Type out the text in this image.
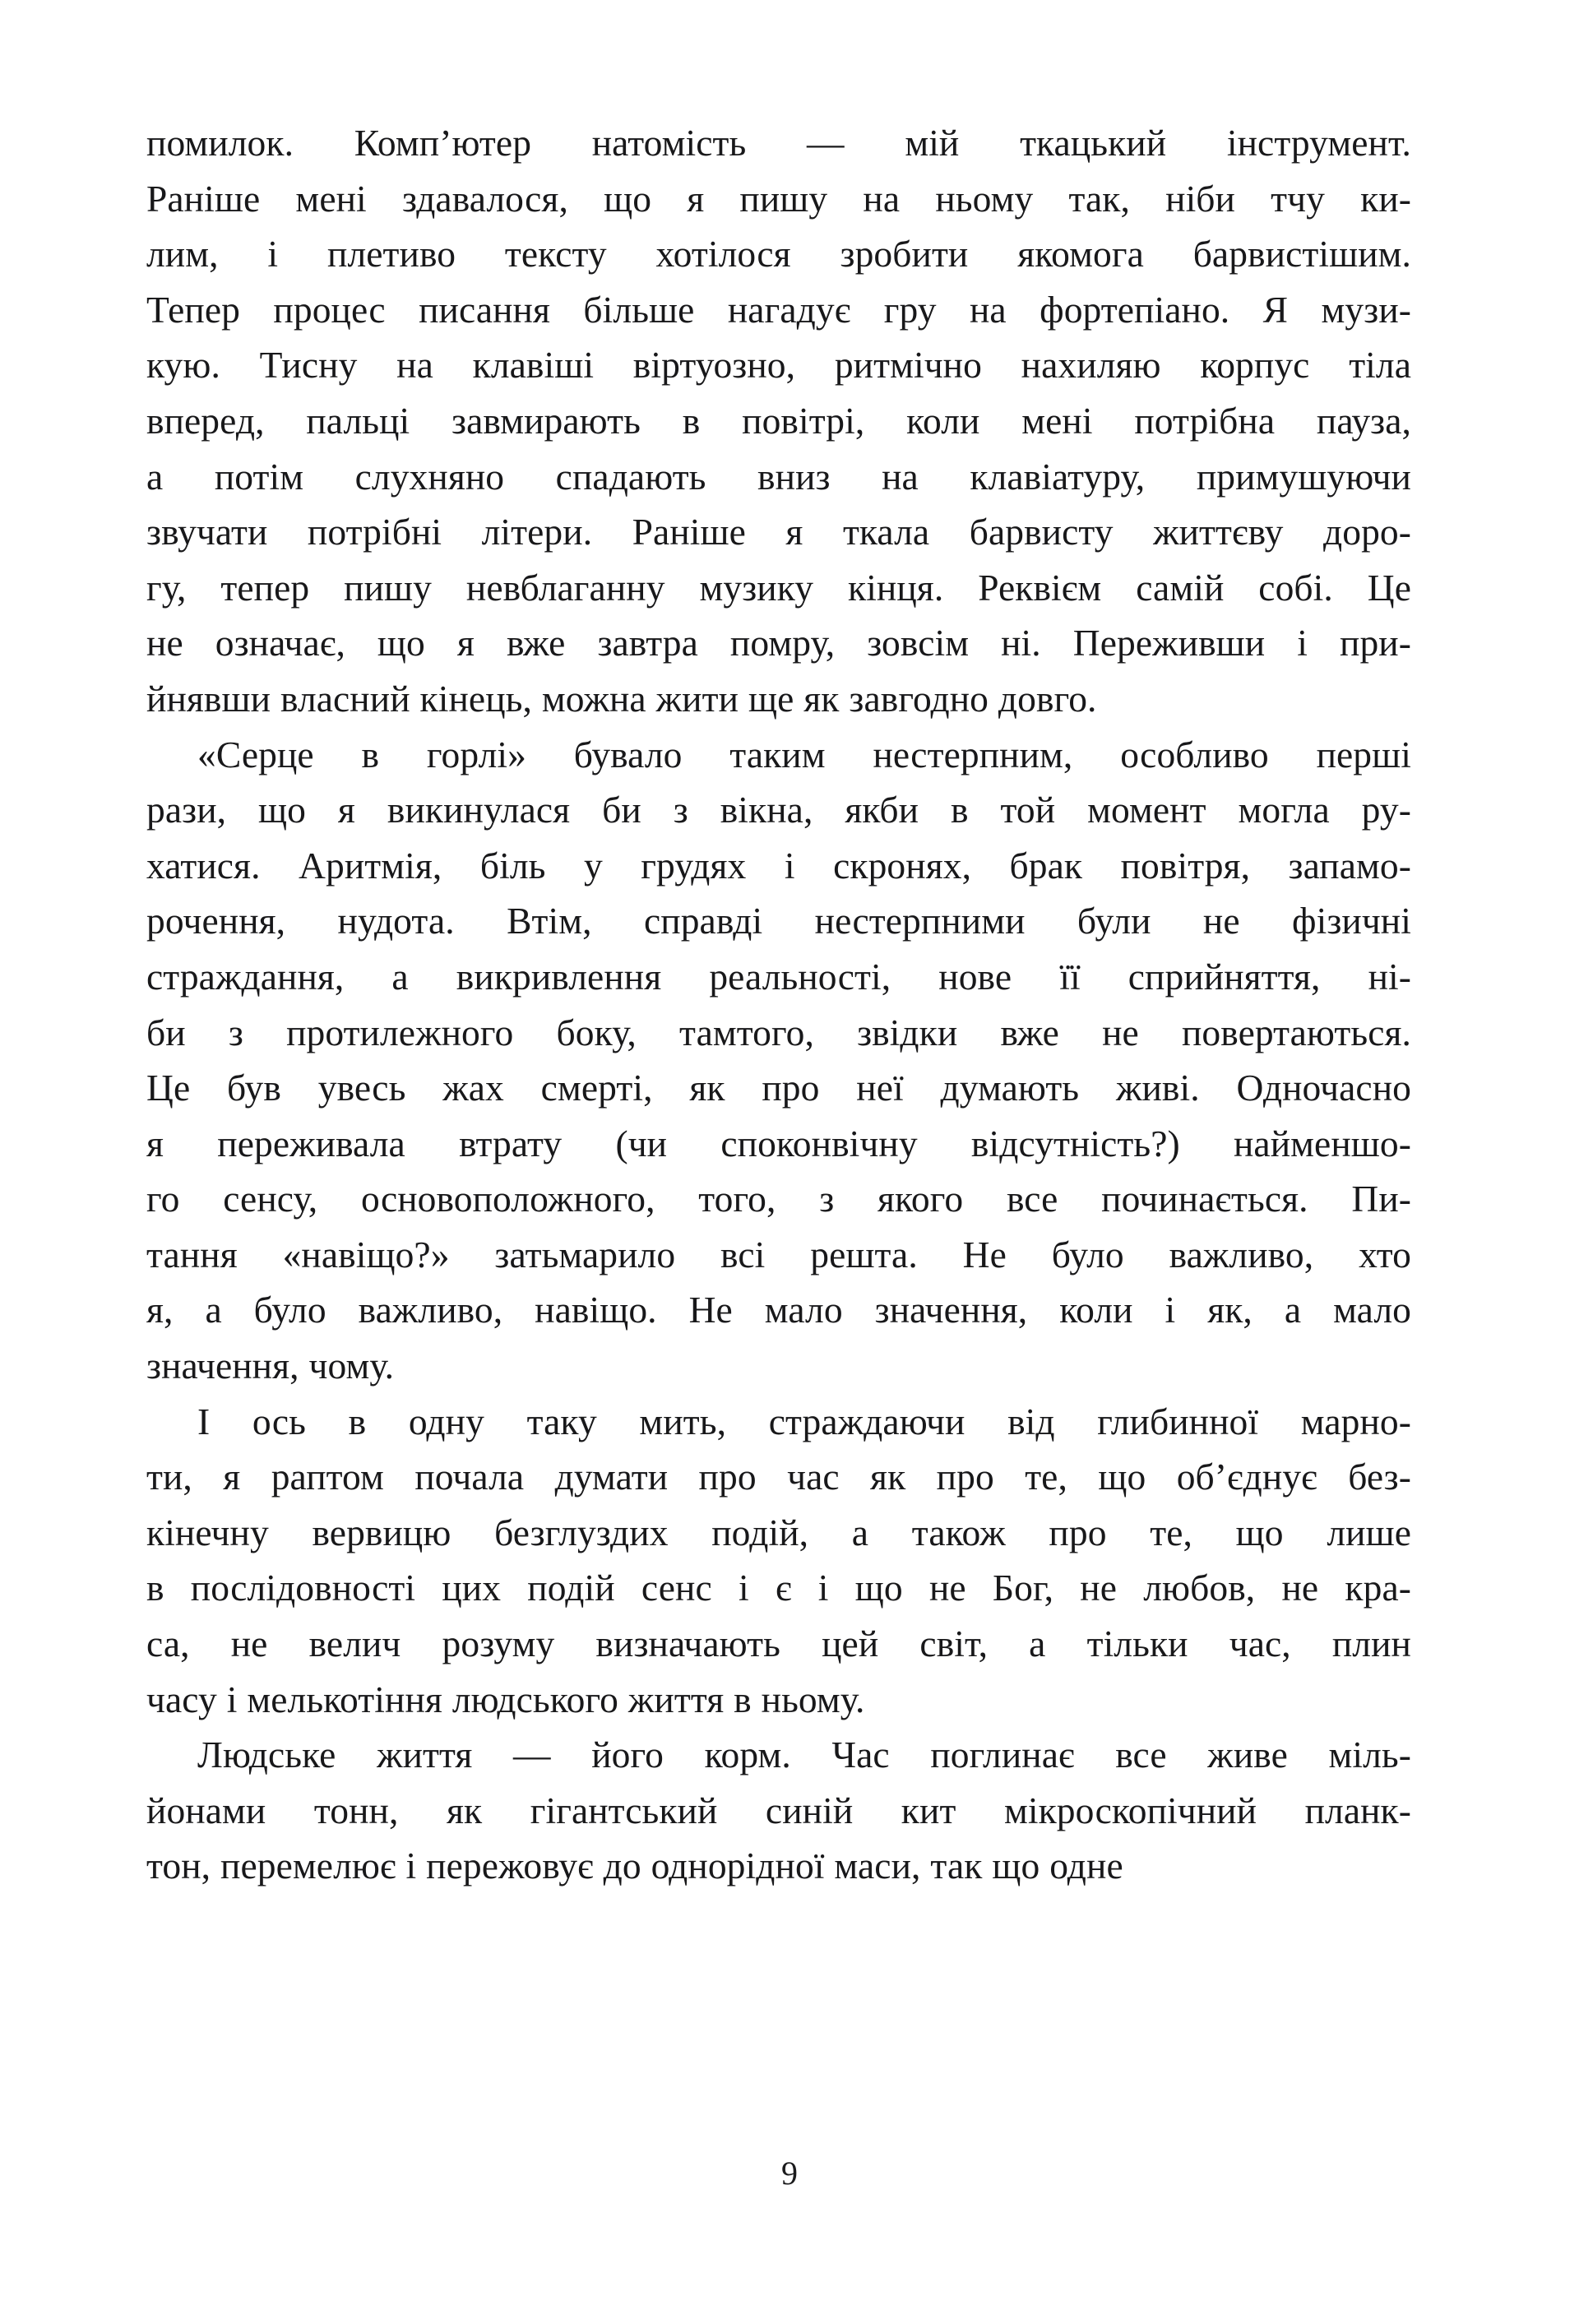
помилок. Комп’ютер натомість — мій ткацький інструмент.
Раніше мені здавалося, що я пишу на ньому так, ніби тчу ки-
лим, і плетиво тексту хотілося зробити якомога барвистішим.
Тепер процес писання більше нагадує гру на фортепіано. Я музи-
кую. Тисну на клавіші віртуозно, ритмічно нахиляю корпус тіла
вперед, пальці завмирають в повітрі, коли мені потрібна пауза,
а потім слухняно спадають вниз на клавіатуру, примушуючи
звучати потрібні літери. Раніше я ткала барвисту життєву доро-
гу, тепер пишу невблаганну музику кінця. Реквієм самій собі. Це
не означає, що я вже завтра помру, зовсім ні. Переживши і при-
йнявши власний кінець, можна жити ще як завгодно довго.

«Серце в горлі» бувало таким нестерпним, особливо перші
рази, що я викинулася би з вікна, якби в той момент могла ру-
хатися. Аритмія, біль у грудях і скронях, брак повітря, запамо-
рочення, нудота. Втім, справді нестерпними були не фізичні
страждання, а викривлення реальності, нове її сприйняття, ні-
би з протилежного боку, тамтого, звідки вже не повертаються.
Це був увесь жах смерті, як про неї думають живі. Одночасно
я переживала втрату (чи споконвічну відсутність?) найменшо-
го сенсу, основоположного, того, з якого все починається. Пи-
тання «навіщо?» затьмарило всі решта. Не було важливо, хто
я, а було важливо, навіщо. Не мало значення, коли і як, а мало
значення, чому.

І ось в одну таку мить, страждаючи від глибинної марно-
ти, я раптом почала думати про час як про те, що об’єднує без-
кінечну вервицю безглуздих подій, а також про те, що лише
в послідовності цих подій сенс і є і що не Бог, не любов, не кра-
са, не велич розуму визначають цей світ, а тільки час, плин
часу і мелькотіння людського життя в ньому.

Людське життя — його корм. Час поглинає все живе міль-
йонами тонн, як гігантський синій кит мікроскопічний планк-
тон, перемелює і пережовує до однорідної маси, так що одне

9
